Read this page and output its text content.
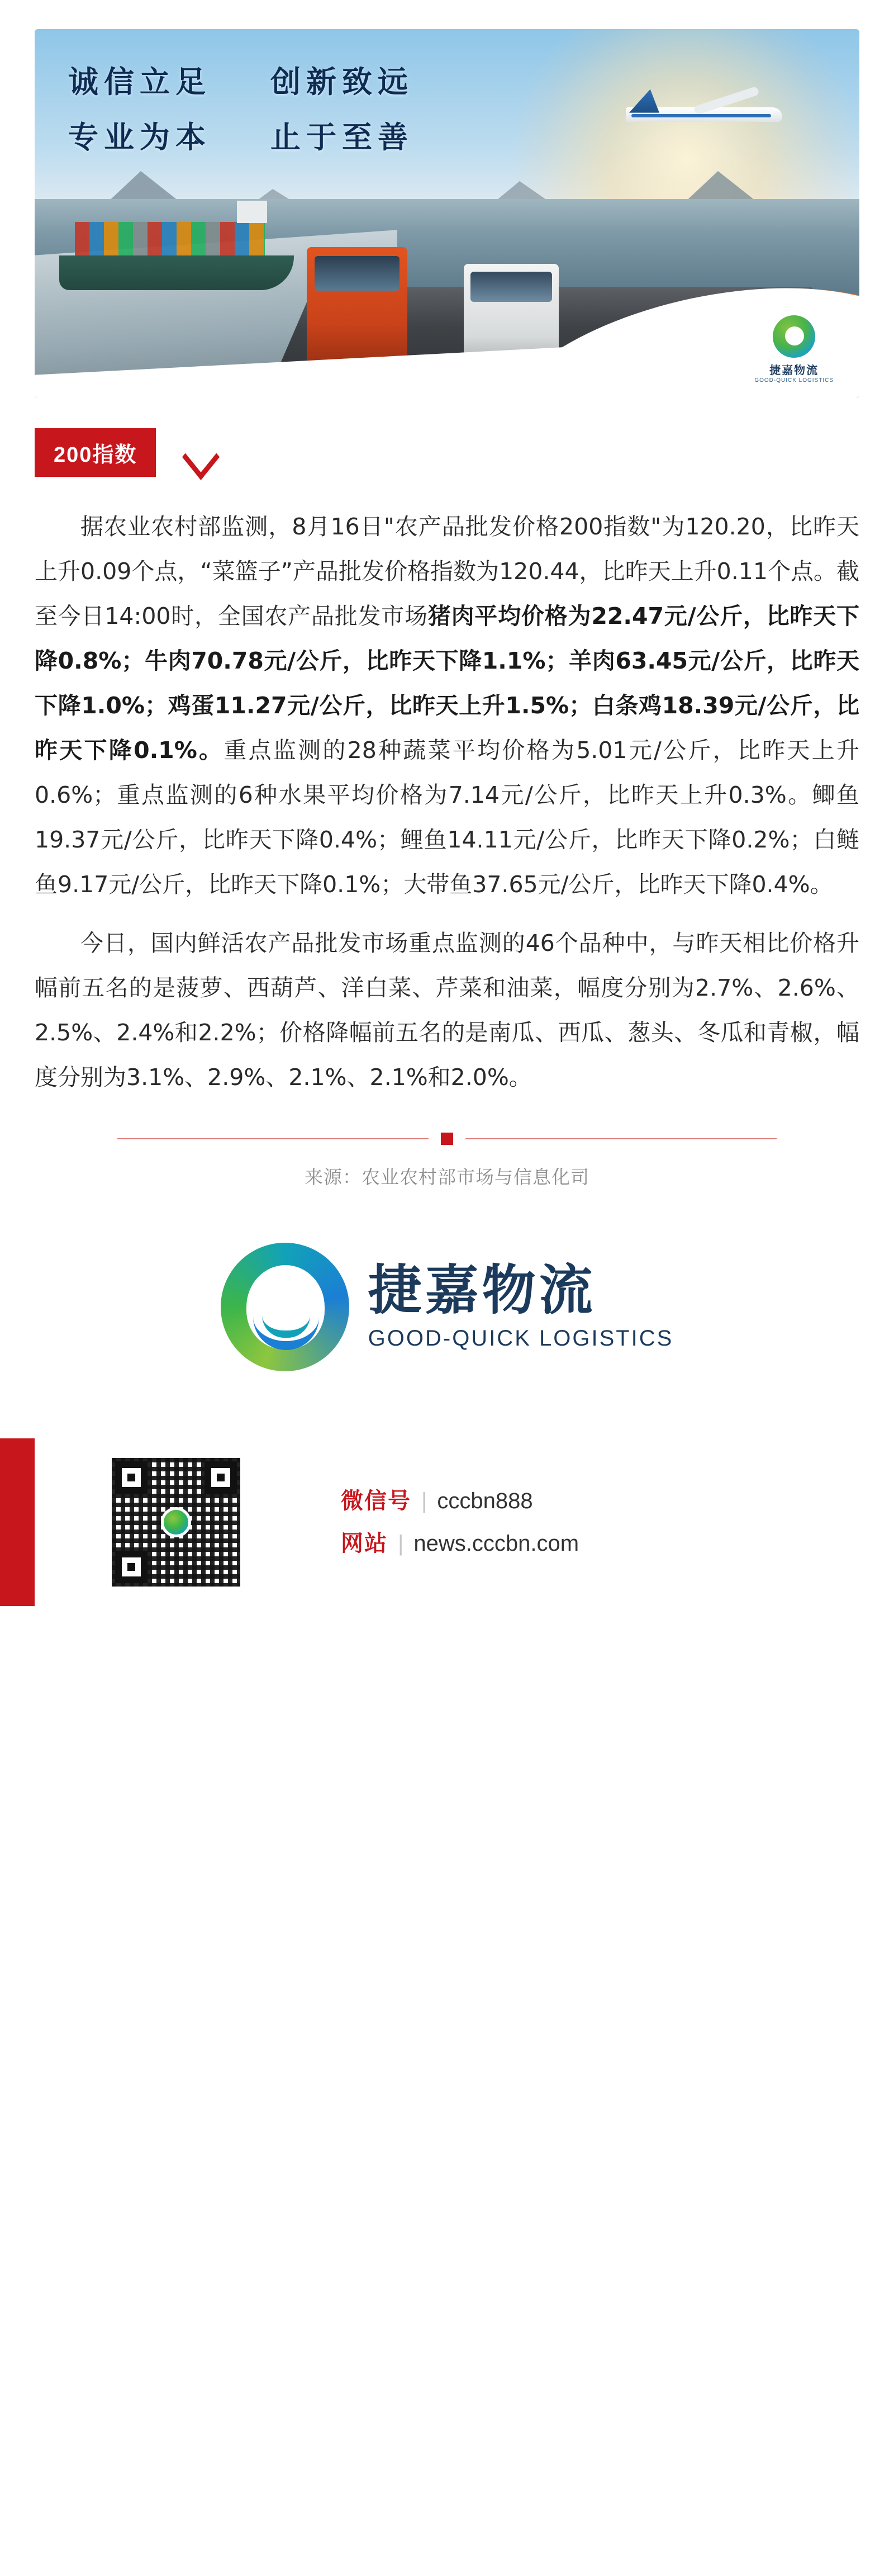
诚信立足 创新致远
专业为本 止于至善
捷嘉物流
GOOD-QUICK LOGISTICS
200指数

据农业农村部监测，8月16日"农产品批发价格200指数"为120.20，比昨天上升0.09个点，“菜篮子”产品批发价格指数为120.44，比昨天上升0.11个点。截至今日14:00时，全国农产品批发市场猪肉平均价格为22.47元/公斤，比昨天下降0.8%；牛肉70.78元/公斤，比昨天下降1.1%；羊肉63.45元/公斤，比昨天下降1.0%；鸡蛋11.27元/公斤，比昨天上升1.5%；白条鸡18.39元/公斤，比昨天下降0.1%。重点监测的28种蔬菜平均价格为5.01元/公斤，比昨天上升0.6%；重点监测的6种水果平均价格为7.14元/公斤，比昨天上升0.3%。鲫鱼19.37元/公斤，比昨天下降0.4%；鲤鱼14.11元/公斤，比昨天下降0.2%；白鲢鱼9.17元/公斤，比昨天下降0.1%；大带鱼37.65元/公斤，比昨天下降0.4%。

今日，国内鲜活农产品批发市场重点监测的46个品种中，与昨天相比价格升幅前五名的是菠萝、西葫芦、洋白菜、芹菜和油菜，幅度分别为2.7%、2.6%、2.5%、2.4%和2.2%；价格降幅前五名的是南瓜、西瓜、葱头、冬瓜和青椒，幅度分别为3.1%、2.9%、2.1%、2.1%和2.0%。

来源：农业农村部市场与信息化司
捷嘉物流
GOOD-QUICK LOGISTICS
微信号 | cccbn888
网站 | news.cccbn.com
